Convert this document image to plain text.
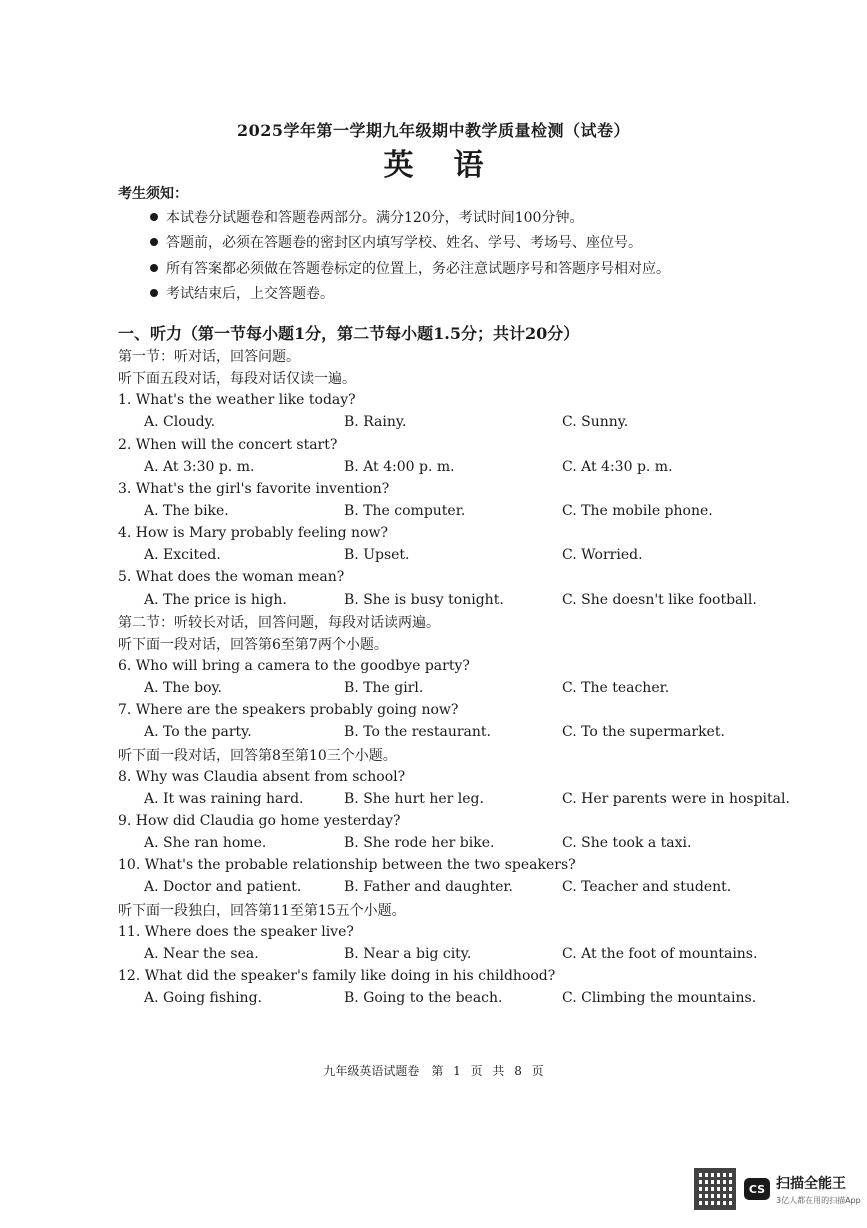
2025学年第一学期九年级期中教学质量检测（试卷）
英语
考生须知：
本试卷分试题卷和答题卷两部分。满分120分，考试时间100分钟。
答题前，必须在答题卷的密封区内填写学校、姓名、学号、考场号、座位号。
所有答案都必须做在答题卷标定的位置上，务必注意试题序号和答题序号相对应。
考试结束后，上交答题卷。
一、听力（第一节每小题1分，第二节每小题1.5分；共计20分）
第一节：听对话，回答问题。
听下面五段对话，每段对话仅读一遍。
1. What's the weather like today?
A. Cloudy.	B. Rainy.	C. Sunny.
2. When will the concert start?
A. At 3:30 p. m.	B. At 4:00 p. m.	C. At 4:30 p. m.
3. What's the girl's favorite invention?
A. The bike.	B. The computer.	C. The mobile phone.
4. How is Mary probably feeling now?
A. Excited.	B. Upset.	C. Worried.
5. What does the woman mean?
A. The price is high.	B. She is busy tonight.	C. She doesn't like football.
第二节：听较长对话，回答问题，每段对话读两遍。
听下面一段对话，回答第6至第7两个小题。
6. Who will bring a camera to the goodbye party?
A. The boy.	B. The girl.	C. The teacher.
7. Where are the speakers probably going now?
A. To the party.	B. To the restaurant.	C. To the supermarket.
听下面一段对话，回答第8至第10三个小题。
8. Why was Claudia absent from school?
A. It was raining hard.	B. She hurt her leg.	C. Her parents were in hospital.
9. How did Claudia go home yesterday?
A. She ran home.	B. She rode her bike.	C. She took a taxi.
10. What's the probable relationship between the two speakers?
A. Doctor and patient.	B. Father and daughter.	C. Teacher and student.
听下面一段独白，回答第11至第15五个小题。
11. Where does the speaker live?
A. Near the sea.	B. Near a big city.	C. At the foot of mountains.
12. What did the speaker's family like doing in his childhood?
A. Going fishing.	B. Going to the beach.	C. Climbing the mountains.
九年级英语试题卷　第 1 页 共 8 页
CS 扫描全能王
3亿人都在用的扫描App
